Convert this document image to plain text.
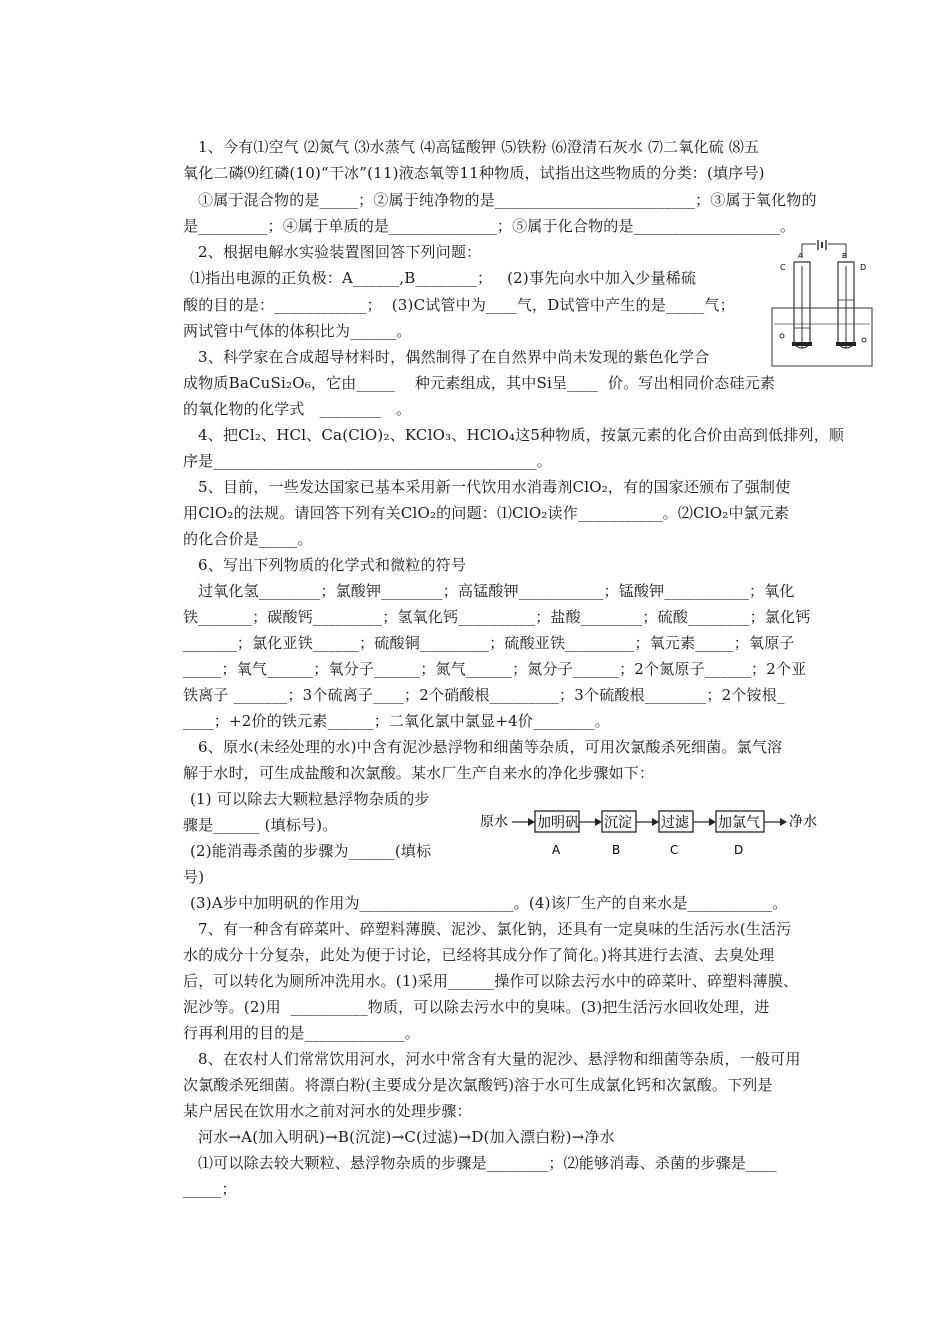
1、今有⑴空气 ⑵氮气 ⑶水蒸气 ⑷高锰酸钾 ⑸铁粉 ⑹澄清石灰水 ⑺二氧化硫 ⑻五
氧化二磷⑼红磷(10)“干冰”(11)液态氧等11种物质，试指出这些物质的分类：(填序号)
①属于混合物的是_____；②属于纯净物的是__________________________；③属于氧化物的
是_________；④属于单质的是______________；⑤属于化合物的是___________________。
2、根据电解水实验装置图回答下列问题：
⑴指出电源的正负极：A______,B________；   (2)事先向水中加入少量稀硫
酸的目的是：____________；  (3)C试管中为____气，D试管中产生的是_____气；
两试管中气体的体积比为______。
C	D
A	B
3、科学家在合成超导材料时，偶然制得了在自然界中尚未发现的紫色化学合
成物质BaCuSi₂O₆，它由_____    种元素组成，其中Si呈____  价。写出相同价态硅元素
的氧化物的化学式   ________   。
4、把Cl₂、HCl、Ca(ClO)₂、KClO₃、HClO₄这5种物质，按氯元素的化合价由高到低排列，顺
序是__________________________________________。
5、目前，一些发达国家已基本采用新一代饮用水消毒剂ClO₂，有的国家还颁布了强制使
用ClO₂的法规。请回答下列有关ClO₂的问题：⑴ClO₂读作___________。⑵ClO₂中氯元素
的化合价是_____。
6、写出下列物质的化学式和微粒的符号
过氧化氢________；氯酸钾________；高锰酸钾___________；锰酸钾___________；氧化
铁_______；碳酸钙_________；氢氧化钙__________；盐酸________；硫酸________；氯化钙
_______；氯化亚铁______；硫酸铜_________；硫酸亚铁_________；氧元素_____；氧原子
_____；氧气______；氧分子______；氮气______；氮分子______；2个氮原子______；2个亚
铁离子 _______；3个硫离子____；2个硝酸根_________；3个硫酸根________；2个铵根_
____；+2价的铁元素______；二氧化氯中氯显+4价________。
6、原水(未经处理的水)中含有泥沙悬浮物和细菌等杂质，可用次氯酸杀死细菌。氯气溶
解于水时，可生成盐酸和次氯酸。某水厂生产自来水的净化步骤如下：
(1) 可以除去大颗粒悬浮物杂质的步
骤是______ (填标号)。
(2)能消毒杀菌的步骤为______(填标
号)
原水 加明矾 沉淀 过滤 加氯气 净水
A	B	C	D
(3)A步中加明矾的作用为____________________。(4)该厂生产的自来水是___________。
7、有一种含有碎菜叶、碎塑料薄膜、泥沙、氯化钠，还具有一定臭味的生活污水(生活污
水的成分十分复杂，此处为便于讨论，已经将其成分作了简化。)将其进行去渣、去臭处理
后，可以转化为厕所冲洗用水。(1)采用______操作可以除去污水中的碎菜叶、碎塑料薄膜、
泥沙等。(2)用  __________物质，可以除去污水中的臭味。(3)把生活污水回收处理，进
行再利用的目的是_____________。
8、在农村人们常常饮用河水，河水中常含有大量的泥沙、悬浮物和细菌等杂质，一般可用
次氯酸杀死细菌。将漂白粉(主要成分是次氯酸钙)溶于水可生成氯化钙和次氯酸。下列是
某户居民在饮用水之前对河水的处理步骤：
河水→A(加入明矾)→B(沉淀)→C(过滤)→D(加入漂白粉)→净水
⑴可以除去较大颗粒、悬浮物杂质的步骤是________；⑵能够消毒、杀菌的步骤是____
_____；
